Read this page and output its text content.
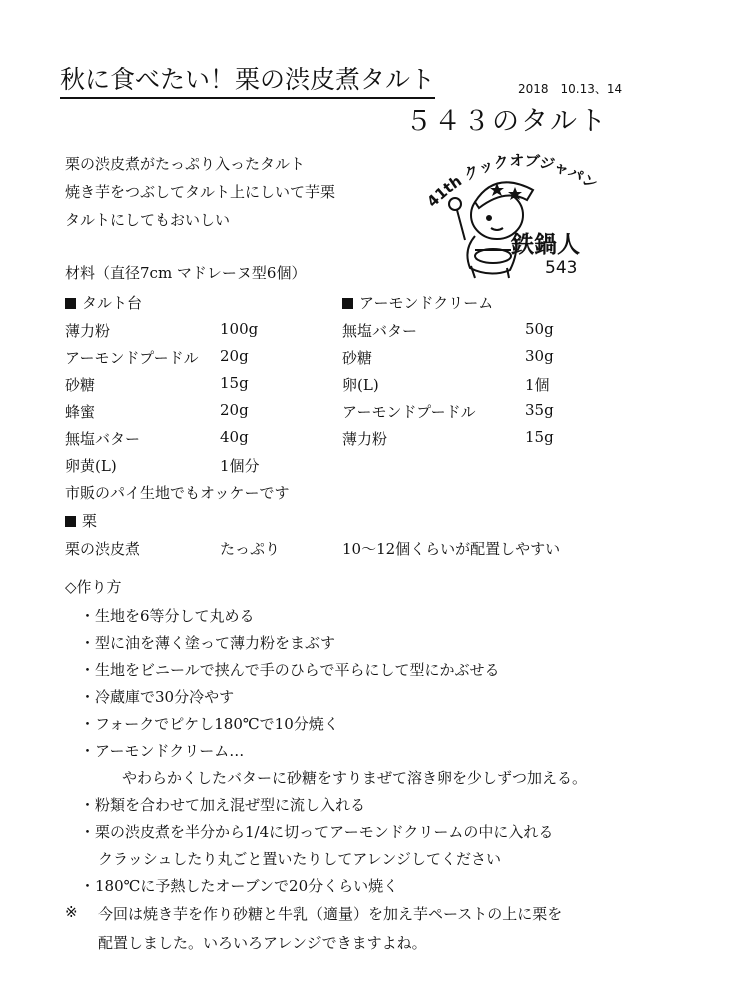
秋に食べたい！栗の渋皮煮タルト	2018　10.13、14
５４３のタルト
41th クックオブジャパン
鉄鍋人
543
栗の渋皮煮がたっぷり入ったタルト
焼き芋をつぶしてタルト上にしいて芋栗
タルトにしてもおいしい
材料（直径7cm マドレーヌ型6個）
タルト台	アーモンドクリーム
薄力粉	100g
アーモンドプードル 20g
砂糖	15g
蜂蜜	20g
無塩バター	40g
卵黄(L)	1個分
無塩バター	50g
砂糖	30g
卵(L)	1個
アーモンドプードル	35g
薄力粉	15g
市販のパイ生地でもオッケーです
栗
栗の渋皮煮	たっぷり	10〜12個くらいが配置しやすい
◇作り方
・生地を6等分して丸める
・型に油を薄く塗って薄力粉をまぶす
・生地をビニールで挟んで手のひらで平らにして型にかぶせる
・冷蔵庫で30分冷やす
・フォークでピケし180℃で10分焼く
・アーモンドクリーム…
やわらかくしたバターに砂糖をすりまぜて溶き卵を少しずつ加える。
・粉類を合わせて加え混ぜ型に流し入れる
・栗の渋皮煮を半分から1/4に切ってアーモンドクリームの中に入れる
クラッシュしたり丸ごと置いたりしてアレンジしてください
・180℃に予熱したオーブンで20分くらい焼く
※ 今回は焼き芋を作り砂糖と牛乳（適量）を加え芋ペーストの上に栗を
配置しました。いろいろアレンジできますよね。
